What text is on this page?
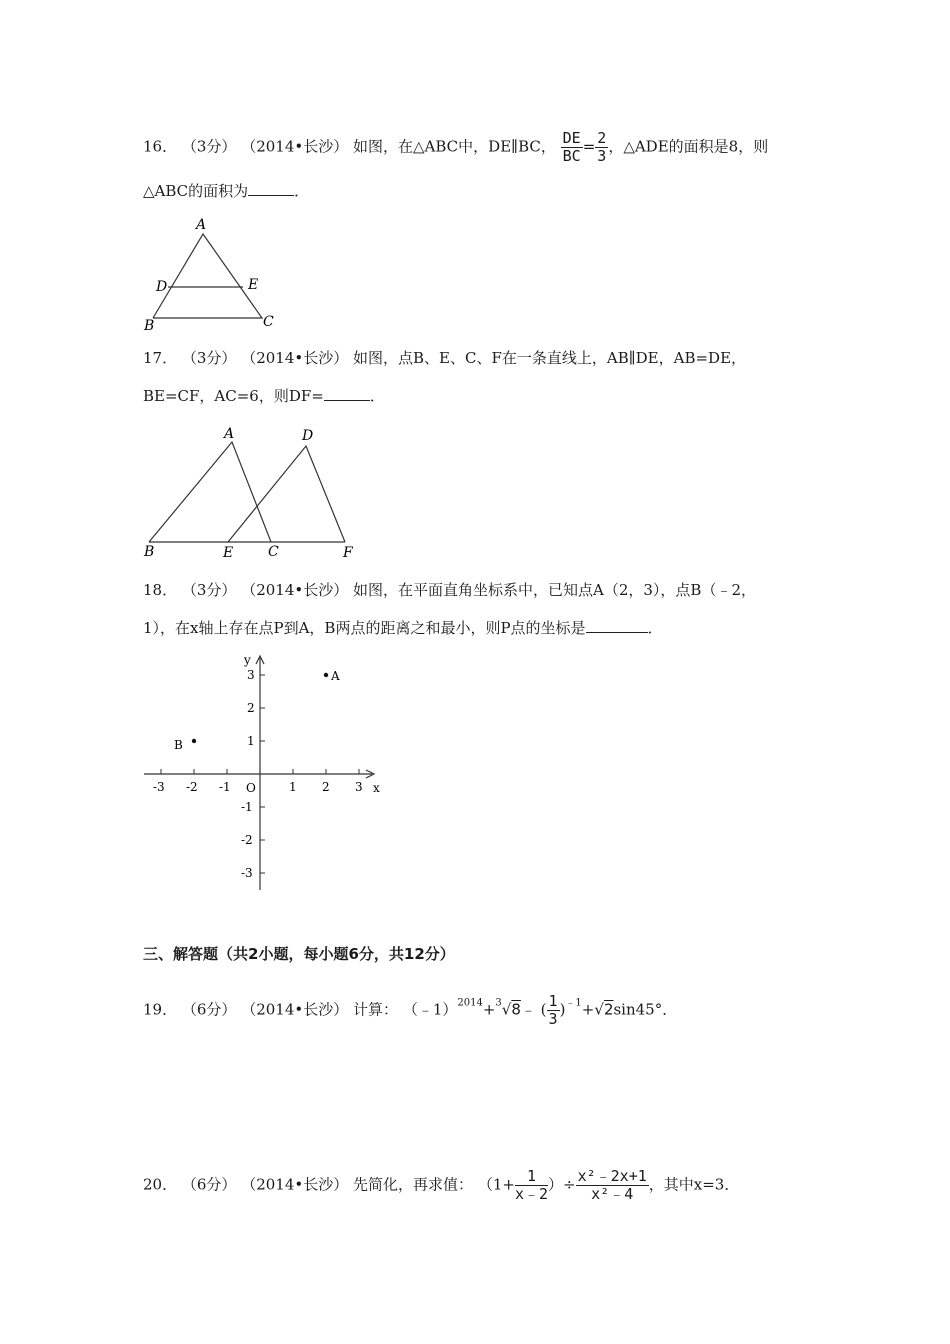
16． （3分） （2014•长沙） 如图，在△ABC中，DE∥BC， $\frac{DE}{BC} = \frac{2}{3}$ ，△ADE的面积是8，则
△ABC的面积为	．
A
D	E
B	C
17． （3分） （2014•长沙） 如图，点B、E、C、F在一条直线上，AB∥DE，AB=DE，
BE=CF，AC=6，则DF=	．
A	D
B	E C	F
18． （3分） （2014•长沙） 如图，在平面直角坐标系中，已知点A（2，3），点B（﹣2，
1），在x轴上存在点P到A，B两点的距离之和最小，则P点的坐标是	．
x
y
O
-3 -2 -1	1 2 3
3
2
1
-1
-2
-3
A
B
三、解答题（共2小题，每小题6分，共12分）
19． （6分） （2014•长沙） 计算： （﹣1）$^{2014}$+$^3$√8﹣ ( $\frac{1}{3} )^{﹣1}+√2\sin 45^\circ$．
20． （6分） （2014•长沙） 先简化，再求值： （$1+ \frac{1}{x﹣2}$ ）÷ $\frac{\text{x²﹣2x+1}}{\text{x²﹣4}}$ ，其中x=3．
